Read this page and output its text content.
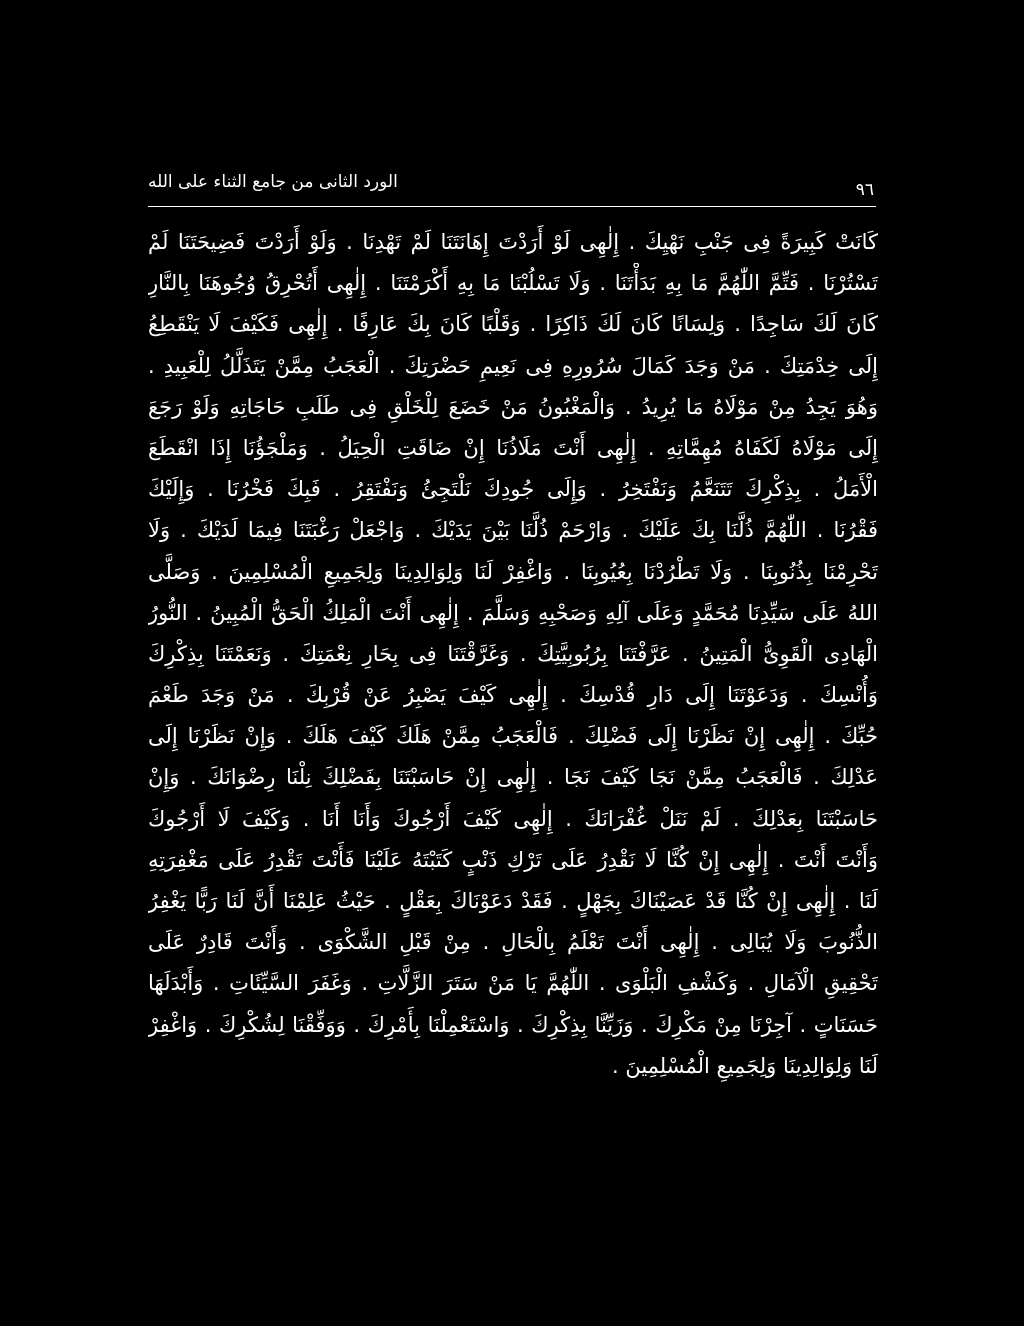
الورد الثانى من جامع الثناء على الله	٩٦
كَانَتْ كَبِيرَةً فِى جَنْبِ نَهْيِكَ . إِلٰهِى لَوْ أَرَدْتَ إِهَانَتَنَا لَمْ تَهْدِنَا . وَلَوْ أَرَدْتَ فَضِيحَتَنَا لَمْ
تَسْتُرْنَا . فَتِّمَّ اللّٰهُمَّ مَا بِهِ بَدَأْتَنَا . وَلَا تَسْلُبْنَا مَا بِهِ أَكْرَمْتَنَا . إِلٰهِى أَتُحْرِقُ وُجُوهَنَا بِالنَّارِ
كَانَ لَكَ سَاجِدًا . وَلِسَانًا كَانَ لَكَ ذَاكِرًا . وَقَلْبًا كَانَ بِكَ عَارِفًا . إِلٰهِى فَكَيْفَ لَا يَنْقَطِعُ
إِلَى خِدْمَتِكَ . مَنْ وَجَدَ كَمَالَ سُرُورِهِ فِى نَعِيمِ حَضْرَتِكَ . الْعَجَبُ مِمَّنْ يَتَذَلَّلُ لِلْعَبِيدِ .
وَهُوَ يَجِدُ مِنْ مَوْلَاهُ مَا يُرِيدُ . وَالْمَغْبُونُ مَنْ خَضَعَ لِلْخَلْقِ فِى طَلَبِ حَاجَاتِهِ وَلَوْ رَجَعَ
إِلَى مَوْلَاهُ لَكَفَاهُ مُهِمَّاتِهِ . إِلٰهِى أَنْتَ مَلَاذُنَا إِنْ ضَاقَتِ الْحِيَلُ . وَمَلْجَؤُنَا إِذَا انْقَطَعَ
الْأَمَلُ . بِذِكْرِكَ تَتَنَعَّمُ وَنَفْتَخِرُ . وَإِلَى جُودِكَ نَلْتَجِئُ وَنَفْتَقِرُ . فَبِكَ فَخْرُنَا . وَإِلَيْكَ
فَقْرُنَا . اللّٰهُمَّ ذُلَّنَا بِكَ عَلَيْكَ . وَارْحَمْ ذُلَّنَا بَيْنَ يَدَيْكَ . وَاجْعَلْ رَغْبَتَنَا فِيمَا لَدَيْكَ . وَلَا
تَحْرِمْنَا بِذُنُوبِنَا . وَلَا تَطْرُدْنَا بِعُيُوبِنَا . وَاغْفِرْ لَنَا وَلِوَالِدِينَا وَلِجَمِيعِ الْمُسْلِمِينَ . وَصَلَّى
اللهُ عَلَى سَيِّدِنَا مُحَمَّدٍ وَعَلَى آلِهِ وَصَحْبِهِ وَسَلَّمَ . إِلٰهِى أَنْتَ الْمَلِكُ الْحَقُّ الْمُبِينُ . النُّورُ
الْهَادِى الْقَوِىُّ الْمَتِينُ . عَرَّفْتَنَا بِرُبُوبِيَّتِكَ . وَغَرَّقْتَنَا فِى بِحَارِ نِعْمَتِكَ . وَنَعَمْتَنَا بِذِكْرِكَ
وَأُنْسِكَ . وَدَعَوْتَنَا إِلَى دَارِ قُدْسِكَ . إِلٰهِى كَيْفَ يَصْبِرُ عَنْ قُرْبِكَ . مَنْ وَجَدَ طَعْمَ
حُبِّكَ . إِلٰهِى إِنْ نَظَرْنَا إِلَى فَضْلِكَ . فَالْعَجَبُ مِمَّنْ هَلَكَ كَيْفَ هَلَكَ . وَإِنْ نَظَرْنَا إِلَى
عَدْلِكَ . فَالْعَجَبُ مِمَّنْ نَجَا كَيْفَ نَجَا . إِلٰهِى إِنْ حَاسَبْتَنَا بِفَضْلِكَ نِلْنَا رِضْوَانَكَ . وَإِنْ
حَاسَبْتَنَا بِعَدْلِكَ . لَمْ نَنَلْ غُفْرَانَكَ . إِلٰهِى كَيْفَ أَرْجُوكَ وَأَنَا أَنَا . وَكَيْفَ لَا أَرْجُوكَ
وَأَنْتَ أَنْتَ . إِلٰهِى إِنْ كُنَّا لَا نَقْدِرُ عَلَى تَرْكِ ذَنْبٍ كَتَبْتَهُ عَلَيْنَا فَأَنْتَ تَقْدِرُ عَلَى مَغْفِرَتِهِ
لَنَا . إِلٰهِى إِنْ كُنَّا قَدْ عَصَيْنَاكَ بِجَهْلٍ . فَقَدْ دَعَوْنَاكَ بِعَقْلٍ . حَيْثُ عَلِمْنَا أَنَّ لَنَا رَبًّا يَغْفِرُ
الذُّنُوبَ وَلَا يُبَالِى . إِلٰهِى أَنْتَ تَعْلَمُ بِالْحَالِ . مِنْ قَبْلِ الشَّكْوَى . وَأَنْتَ قَادِرٌ عَلَى
تَحْقِيقِ الْآمَالِ . وَكَشْفِ الْبَلْوَى . اللّٰهُمَّ يَا مَنْ سَتَرَ الزَّلَّاتِ . وَغَفَرَ السَّيِّئَاتِ . وَأَبْدَلَهَا
حَسَنَاتٍ . آجِرْنَا مِنْ مَكْرِكَ . وَزَيِّنَّا بِذِكْرِكَ . وَاسْتَعْمِلْنَا بِأَمْرِكَ . وَوَفِّقْنَا لِشُكْرِكَ . وَاغْفِرْ
لَنَا وَلِوَالِدِينَا وَلِجَمِيعِ الْمُسْلِمِينَ .
